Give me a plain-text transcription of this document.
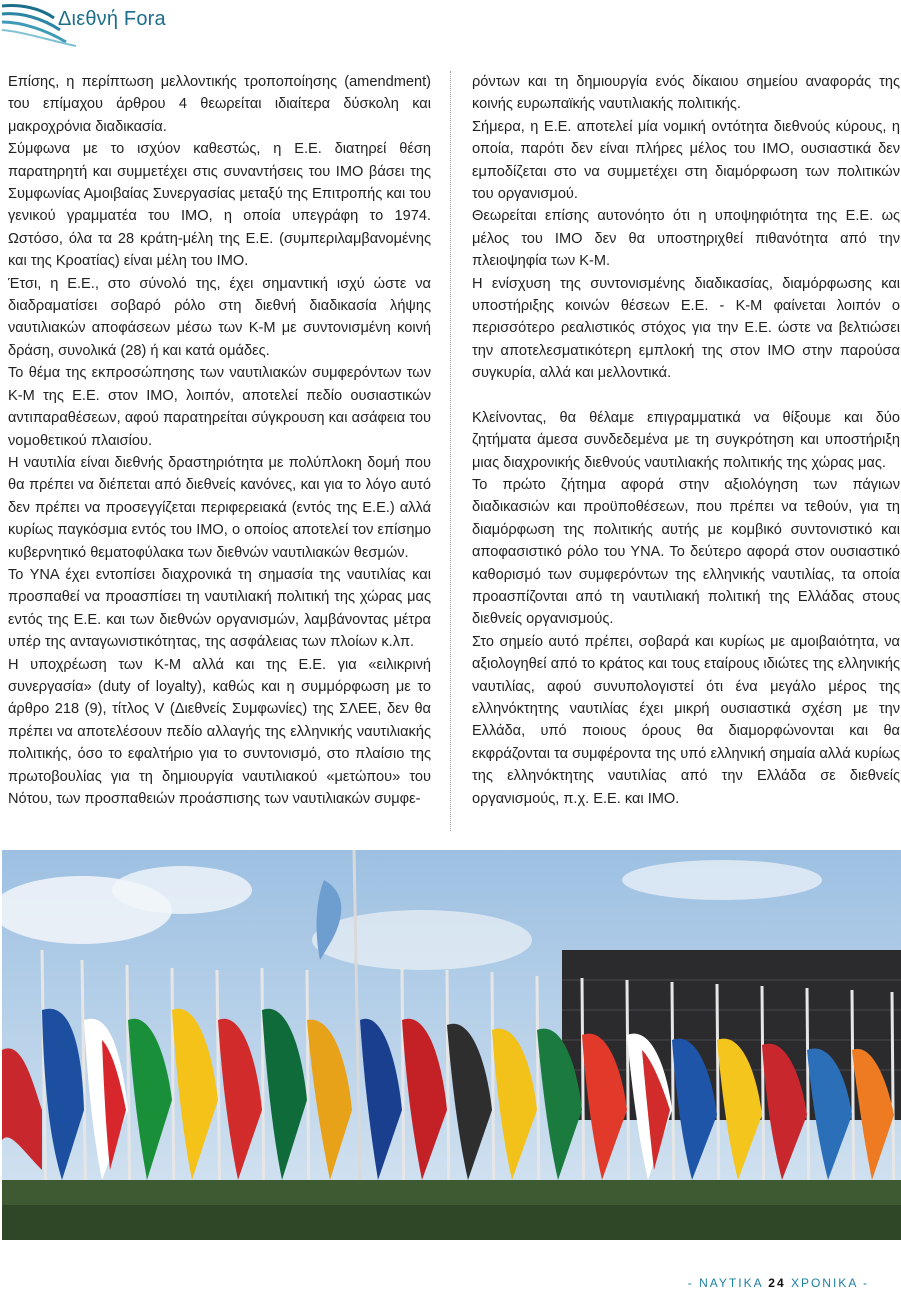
Διεθνή Fora

Επίσης, η περίπτωση μελλοντικής τροποποίησης (amendment) του επίμαχου άρθρου 4 θεωρείται ιδιαίτερα δύσκολη και μακροχρόνια διαδικασία.

Σύμφωνα με το ισχύον καθεστώς, η Ε.Ε. διατηρεί θέση παρατηρητή και συμμετέχει στις συναντήσεις του ΙΜΟ βάσει της Συμφωνίας Αμοιβαίας Συνεργασίας μεταξύ της Επιτροπής και του γενικού γραμματέα του ΙΜΟ, η οποία υπεγράφη το 1974. Ωστόσο, όλα τα 28 κράτη-μέλη της Ε.Ε. (συμπεριλαμβανομένης και της Κροατίας) είναι μέλη του ΙΜΟ.

Έτσι, η Ε.Ε., στο σύνολό της, έχει σημαντική ισχύ ώστε να διαδραματίσει σοβαρό ρόλο στη διεθνή διαδικασία λήψης ναυτιλιακών αποφάσεων μέσω των Κ-Μ με συντονισμένη κοινή δράση, συνολικά (28) ή και κατά ομάδες.

Το θέμα της εκπροσώπησης των ναυτιλιακών συμφερόντων των Κ-Μ της Ε.Ε. στον ΙΜΟ, λοιπόν, αποτελεί πεδίο ουσιαστικών αντιπαραθέσεων, αφού παρατηρείται σύγκρουση και ασάφεια του νομοθετικού πλαισίου.

Η ναυτιλία είναι διεθνής δραστηριότητα με πολύπλοκη δομή που θα πρέπει να διέπεται από διεθνείς κανόνες, και για το λόγο αυτό δεν πρέπει να προσεγγίζεται περιφερειακά (εντός της Ε.Ε.) αλλά κυρίως παγκόσμια εντός του ΙΜΟ, ο οποίος αποτελεί τον επίσημο κυβερνητικό θεματοφύλακα των διεθνών ναυτιλιακών θεσμών.

Το ΥΝΑ έχει εντοπίσει διαχρονικά τη σημασία της ναυτιλίας και προσπαθεί να προασπίσει τη ναυτιλιακή πολιτική της χώρας μας εντός της Ε.Ε. και των διεθνών οργανισμών, λαμβάνοντας μέτρα υπέρ της ανταγωνιστικότητας, της ασφάλειας των πλοίων κ.λπ.

Η υποχρέωση των Κ-Μ αλλά και της Ε.Ε. για «ειλικρινή συνεργασία» (duty of loyalty), καθώς και η συμμόρφωση με το άρθρο 218 (9), τίτλος V (Διεθνείς Συμφωνίες) της ΣΛΕΕ, δεν θα πρέπει να αποτελέσουν πεδίο αλλαγής της ελληνικής ναυτιλιακής πολιτικής, όσο το εφαλτήριο για το συντονισμό, στο πλαίσιο της πρωτοβουλίας για τη δημιουργία ναυτιλιακού «μετώπου» του Νότου, των προσπαθειών προάσπισης των ναυτιλιακών συμφε-

ρόντων και τη δημιουργία ενός δίκαιου σημείου αναφοράς της κοινής ευρωπαϊκής ναυτιλιακής πολιτικής.

Σήμερα, η Ε.Ε. αποτελεί μία νομική οντότητα διεθνούς κύρους, η οποία, παρότι δεν είναι πλήρες μέλος του ΙΜΟ, ουσιαστικά δεν εμποδίζεται στο να συμμετέχει στη διαμόρφωση των πολιτικών του οργανισμού.

Θεωρείται επίσης αυτονόητο ότι η υποψηφιότητα της Ε.Ε. ως μέλος του ΙΜΟ δεν θα υποστηριχθεί πιθανότητα από την πλειοψηφία των Κ-Μ.

Η ενίσχυση της συντονισμένης διαδικασίας, διαμόρφωσης και υποστήριξης κοινών θέσεων Ε.Ε. - Κ-Μ φαίνεται λοιπόν ο περισσότερο ρεαλιστικός στόχος για την Ε.Ε. ώστε να βελτιώσει την αποτελεσματικότερη εμπλοκή της στον ΙΜΟ στην παρούσα συγκυρία, αλλά και μελλοντικά.

Κλείνοντας, θα θέλαμε επιγραμματικά να θίξουμε και δύο ζητήματα άμεσα συνδεδεμένα με τη συγκρότηση και υποστήριξη μιας διαχρονικής διεθνούς ναυτιλιακής πολιτικής της χώρας μας.

Το πρώτο ζήτημα αφορά στην αξιολόγηση των πάγιων διαδικασιών και προϋποθέσεων, που πρέπει να τεθούν, για τη διαμόρφωση της πολιτικής αυτής με κομβικό συντονιστικό και αποφασιστικό ρόλο του ΥΝΑ. Το δεύτερο αφορά στον ουσιαστικό καθορισμό των συμφερόντων της ελληνικής ναυτιλίας, τα οποία προασπίζονται από τη ναυτιλιακή πολιτική της Ελλάδας στους διεθνείς οργανισμούς.

Στο σημείο αυτό πρέπει, σοβαρά και κυρίως με αμοιβαιότητα, να αξιολογηθεί από το κράτος και τους εταίρους ιδιώτες της ελληνικής ναυτιλίας, αφού συνυπολογιστεί ότι ένα μεγάλο μέρος της ελληνόκτητης ναυτιλίας έχει μικρή ουσιαστικά σχέση με την Ελλάδα, υπό ποιους όρους θα διαμορφώνονται και θα εκφράζονται τα συμφέροντα της υπό ελληνική σημαία αλλά κυρίως της ελληνόκτητης ναυτιλίας από την Ελλάδα σε διεθνείς οργανισμούς, π.χ. Ε.Ε. και ΙΜΟ.

- ΝΑΥΤΙΚΑ 24 ΧΡΟΝΙΚΑ -
